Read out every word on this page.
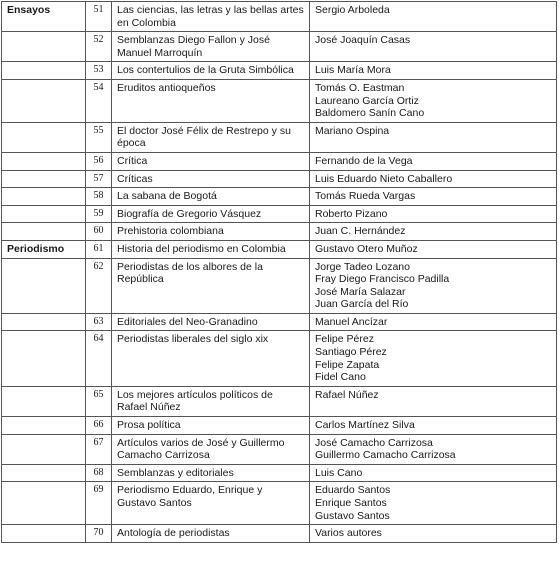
Ensayos	51	Las ciencias, las letras y las bellas artes en Colombia	Sergio Arboleda

	52	Semblanzas Diego Fallon y José Manuel Marroquín	José Joaquín Casas

	53	Los contertulios de la Gruta Simbólica	Luis María Mora

	54	Eruditos antioqueños	Tomás O. Eastman
Laureano García Ortiz
Baldomero Sanín Cano

	55	El doctor José Félix de Restrepo y su época	Mariano Ospina

	56	Crítica	Fernando de la Vega

	57	Críticas	Luis Eduardo Nieto Caballero

	58	La sabana de Bogotá	Tomás Rueda Vargas

	59	Biografía de Gregorio Vásquez	Roberto Pizano

	60	Prehistoria colombiana	Juan C. Hernández

Periodismo	61	Historia del periodismo en Colombia	Gustavo Otero Muñoz

	62	Periodistas de los albores de la República	Jorge Tadeo Lozano
Fray Diego Francisco Padilla
José María Salazar
Juan García del Río

	63	Editoriales del Neo-Granadino	Manuel Ancízar

	64	Periodistas liberales del siglo xix	Felipe Pérez
Santiago Pérez
Felipe Zapata
Fidel Cano

	65	Los mejores artículos políticos de Rafael Núñez	Rafael Núñez

	66	Prosa política	Carlos Martínez Silva

	67	Artículos varios de José y Guillermo Camacho Carrizosa	José Camacho Carrizosa
Guillermo Camacho Carrizosa

	68	Semblanzas y editoriales	Luis Cano

	69	Periodismo Eduardo, Enrique y Gustavo Santos	Eduardo Santos
Enrique Santos
Gustavo Santos

	70	Antología de periodistas	Varios autores
